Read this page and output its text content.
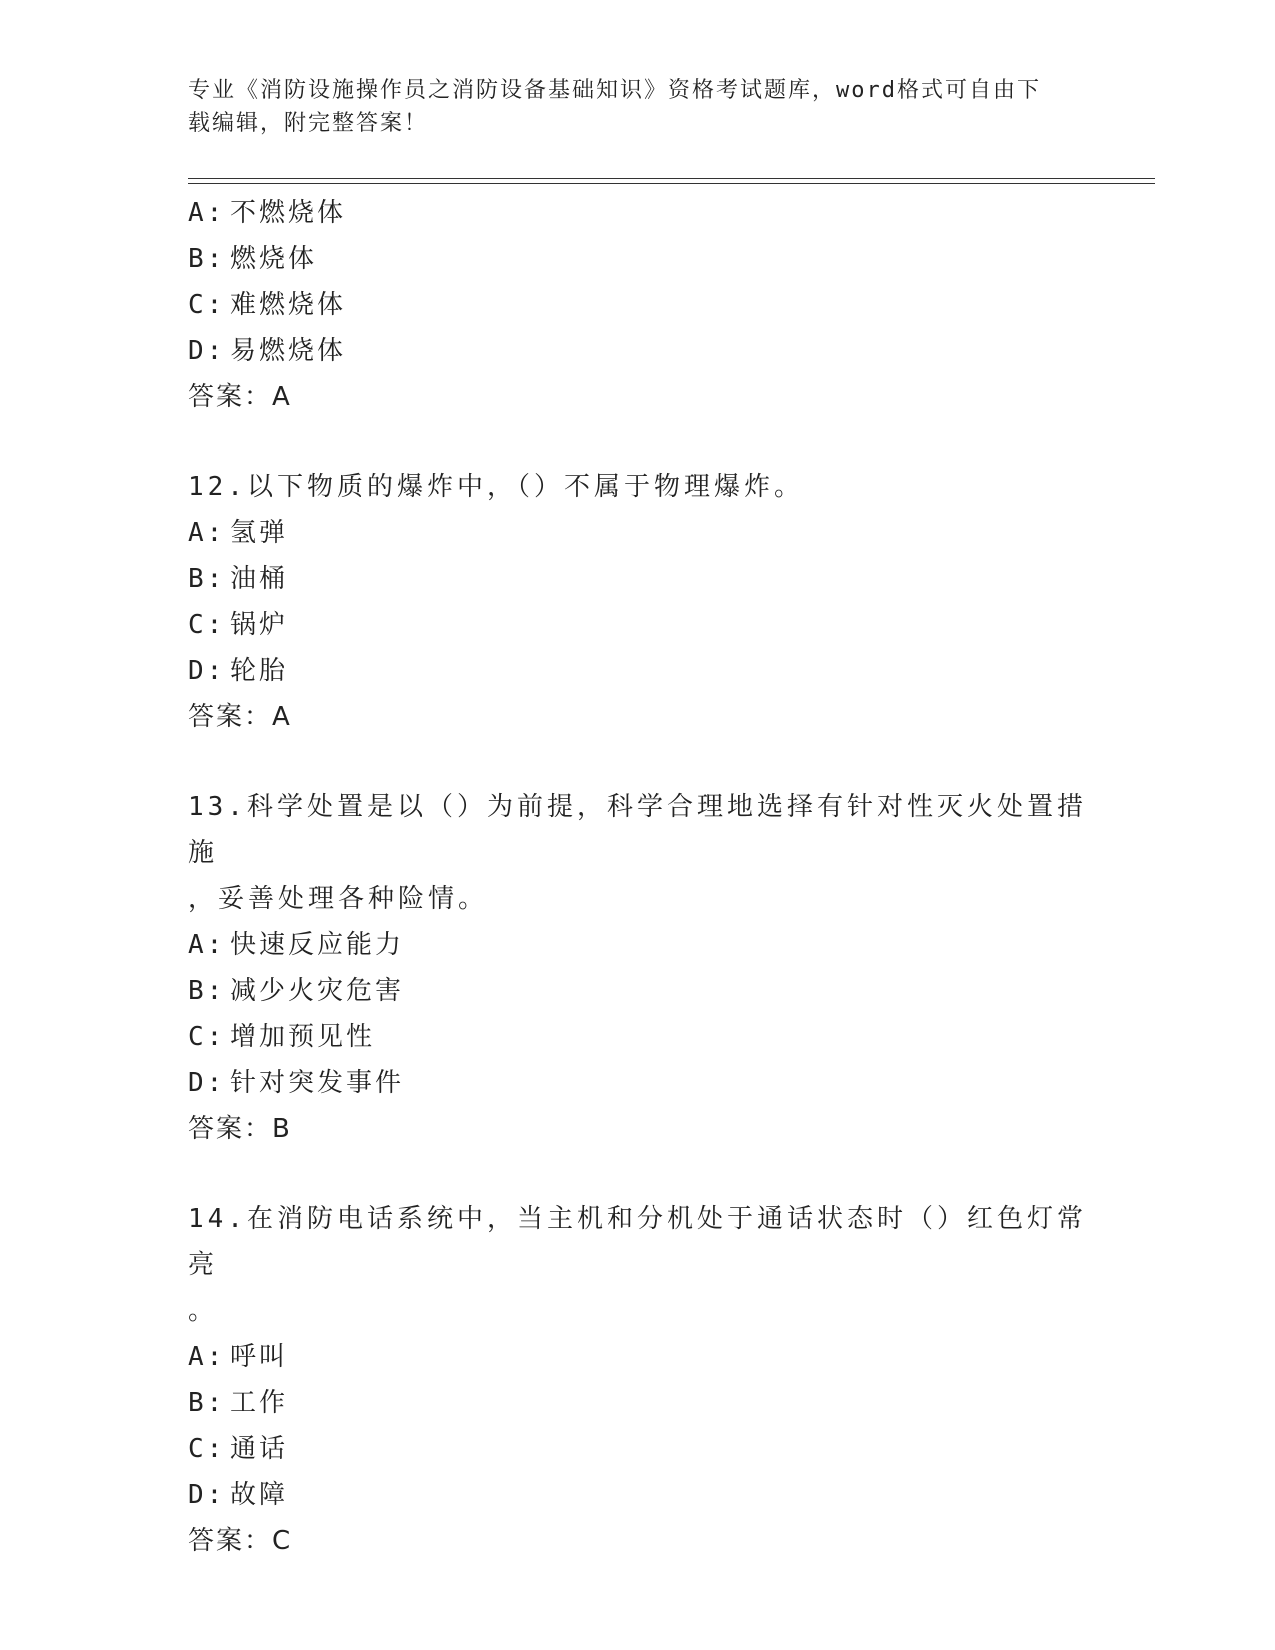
专业《消防设施操作员之消防设备基础知识》资格考试题库，word格式可自由下
载编辑，附完整答案！
A: 不燃烧体
B: 燃烧体
C: 难燃烧体
D: 易燃烧体
答案：A
12.以下物质的爆炸中，（）不属于物理爆炸。
A: 氢弹
B: 油桶
C: 锅炉
D: 轮胎
答案：A
13.科学处置是以（）为前提，科学合理地选择有针对性灭火处置措施
，妥善处理各种险情。
A: 快速反应能力
B: 减少火灾危害
C: 增加预见性
D: 针对突发事件
答案：B
14.在消防电话系统中，当主机和分机处于通话状态时（）红色灯常亮
。
A: 呼叫
B: 工作
C: 通话
D: 故障
答案：C
